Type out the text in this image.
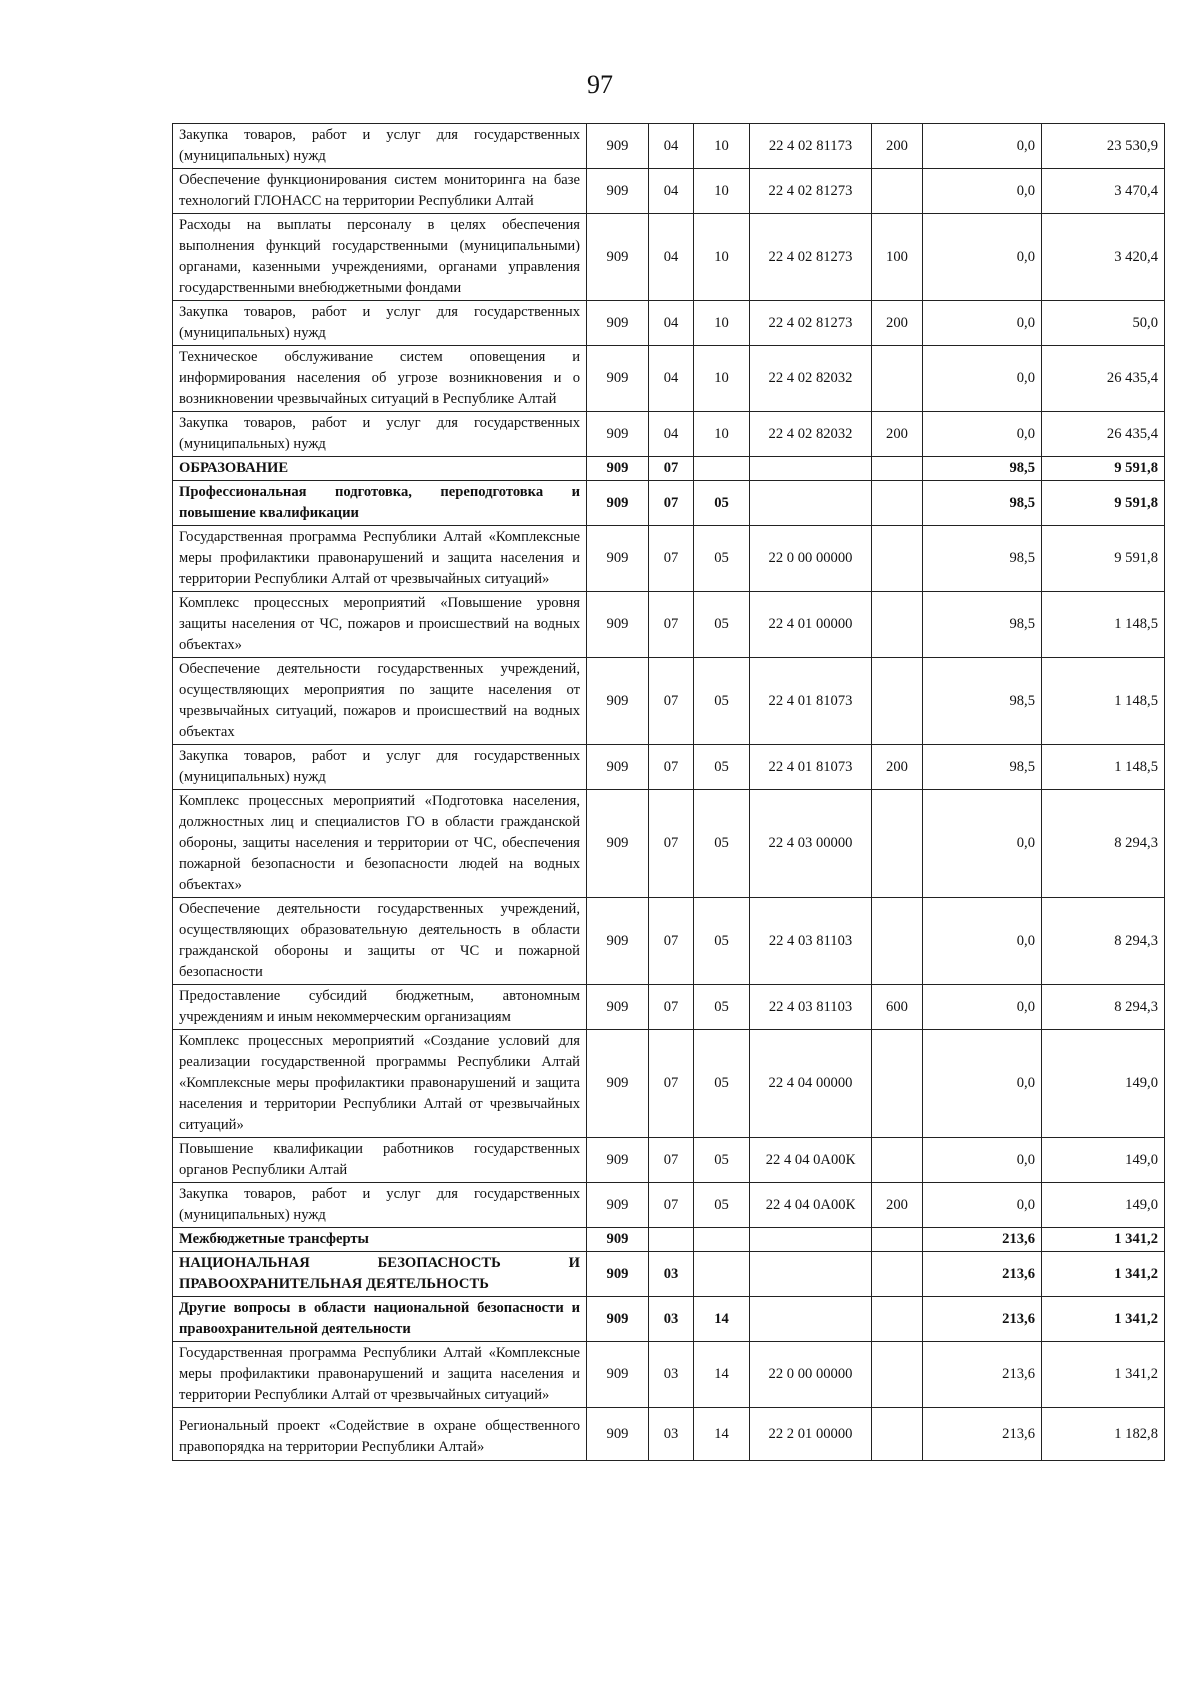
97
Закупка товаров, работ и услуг для государственных (муниципальных) нужд	909	04	10	22 4 02 81173	200	0,0	23 530,9
Обеспечение функционирования систем мониторинга на базе технологий ГЛОНАСС на территории Республики Алтай	909	04	10	22 4 02 81273		0,0	3 470,4
Расходы на выплаты персоналу в целях обеспечения выполнения функций государственными (муниципальными) органами, казенными учреждениями, органами управления государственными внебюджетными фондами	909	04	10	22 4 02 81273	100	0,0	3 420,4
Закупка товаров, работ и услуг для государственных (муниципальных) нужд	909	04	10	22 4 02 81273	200	0,0	50,0
Техническое обслуживание систем оповещения и информирования населения об угрозе возникновения и о возникновении чрезвычайных ситуаций в Республике Алтай	909	04	10	22 4 02 82032		0,0	26 435,4
Закупка товаров, работ и услуг для государственных (муниципальных) нужд	909	04	10	22 4 02 82032	200	0,0	26 435,4
ОБРАЗОВАНИЕ	909	07				98,5	9 591,8
Профессиональная подготовка, переподготовка и повышение квалификации	909	07	05			98,5	9 591,8
Государственная программа Республики Алтай «Комплексные меры профилактики правонарушений и защита населения и территории Республики Алтай от чрезвычайных ситуаций»	909	07	05	22 0 00 00000		98,5	9 591,8
Комплекс процессных мероприятий «Повышение уровня защиты населения от ЧС, пожаров и происшествий на водных объектах»	909	07	05	22 4 01 00000		98,5	1 148,5
Обеспечение деятельности государственных учреждений, осуществляющих мероприятия по защите населения от чрезвычайных ситуаций, пожаров и происшествий на водных объектах	909	07	05	22 4 01 81073		98,5	1 148,5
Закупка товаров, работ и услуг для государственных (муниципальных) нужд	909	07	05	22 4 01 81073	200	98,5	1 148,5
Комплекс процессных мероприятий «Подготовка населения, должностных лиц и специалистов ГО в области гражданской обороны, защиты населения и территории от ЧС, обеспечения пожарной безопасности и безопасности людей на водных объектах»	909	07	05	22 4 03 00000		0,0	8 294,3
Обеспечение деятельности государственных учреждений, осуществляющих образовательную деятельность в области гражданской обороны и защиты от ЧС и пожарной безопасности	909	07	05	22 4 03 81103		0,0	8 294,3
Предоставление субсидий бюджетным, автономным учреждениям и иным некоммерческим организациям	909	07	05	22 4 03 81103	600	0,0	8 294,3
Комплекс процессных мероприятий «Создание условий для реализации государственной программы Республики Алтай «Комплексные меры профилактики правонарушений и защита населения и территории Республики Алтай от чрезвычайных ситуаций»	909	07	05	22 4 04 00000		0,0	149,0
Повышение квалификации работников государственных органов Республики Алтай	909	07	05	22 4 04 0А00К		0,0	149,0
Закупка товаров, работ и услуг для государственных (муниципальных) нужд	909	07	05	22 4 04 0А00К	200	0,0	149,0
Межбюджетные трансферты	909					213,6	1 341,2
НАЦИОНАЛЬНАЯ БЕЗОПАСНОСТЬ И ПРАВООХРАНИТЕЛЬНАЯ ДЕЯТЕЛЬНОСТЬ	909	03				213,6	1 341,2
Другие вопросы в области национальной безопасности и правоохранительной деятельности	909	03	14			213,6	1 341,2
Государственная программа Республики Алтай «Комплексные меры профилактики правонарушений и защита населения и территории Республики Алтай от чрезвычайных ситуаций»	909	03	14	22 0 00 00000		213,6	1 341,2
Региональный проект «Содействие в охране общественного правопорядка на территории Республики Алтай»	909	03	14	22 2 01 00000		213,6	1 182,8
